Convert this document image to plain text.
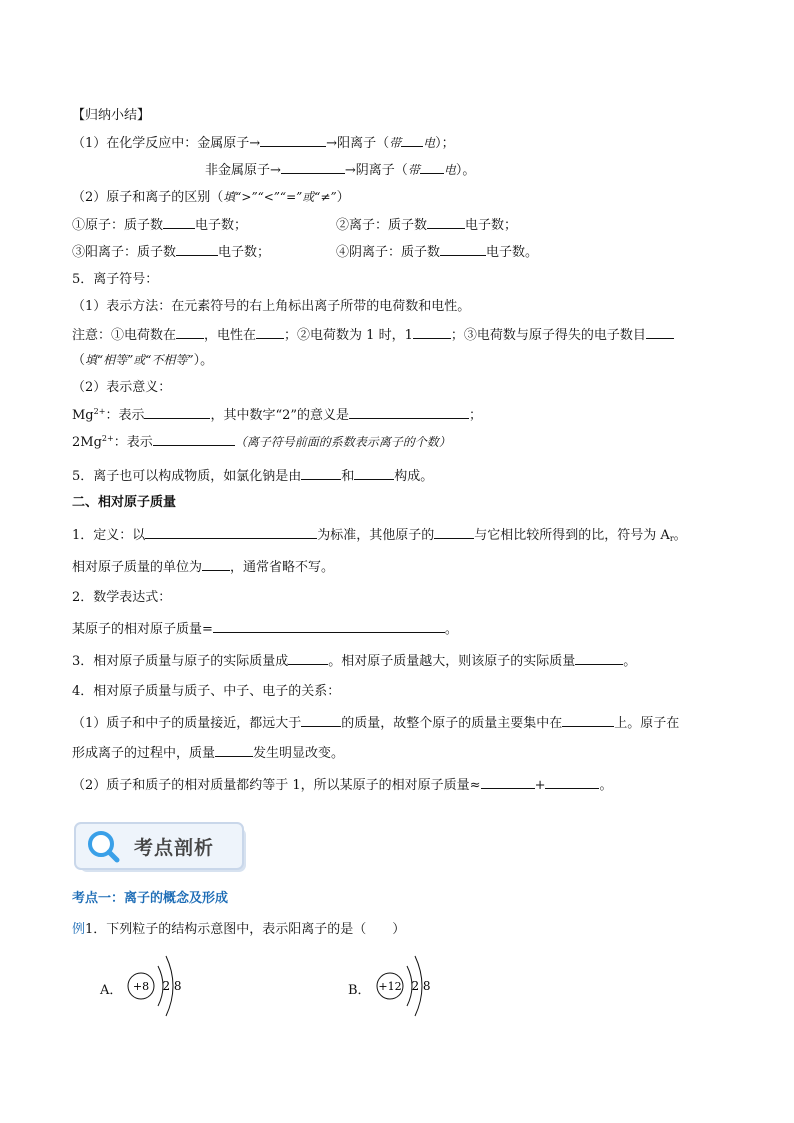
【归纳小结】
（1）在化学反应中：金属原子→	→阳离子（带 电）；
非金属原子→	→阴离子（带 电）。
（2）原子和离子的区别（填“>”“<”“=”或“≠”）
①原子：质子数 电子数；	②离子：质子数	电子数；
③阳离子：质子数	电子数；	④阴离子：质子数	电子数。
5．离子符号：
（1）表示方法：在元素符号的右上角标出离子所带的电荷数和电性。
注意：①电荷数在 ，电性在 ；②电荷数为 1 时，1	；③电荷数与原子得失的电子数目
（填“相等”或“不相等”）。
（2）表示意义：
$Mg^{2+}$：表示	，其中数字“2”的意义是	；
$2Mg^{2+}$：表示	（离子符号前面的系数表示离子的个数）
5．离子也可以构成物质，如氯化钠是由	和	构成。
二、相对原子质量
1．定义：以	为标准，其他原子的	与它相比较所得到的比，符号为 $A_r$。
相对原子质量的单位为 ，通常省略不写。
2．数学表达式：
某原子的相对原子质量=	。
3．相对原子质量与原子的实际质量成	。相对原子质量越大，则该原子的实际质量	。
4．相对原子质量与质子、中子、电子的关系：
（1）质子和中子的质量接近，都远大于	的质量，故整个原子的质量主要集中在	上。原子在
形成离子的过程中，质量	发生明显改变。
（2）质子和质子的相对质量都约等于 1，所以某原子的相对原子质量≈	+	。
考点剖析
考点一：离子的概念及形成
例1．下列粒子的结构示意图中，表示阳离子的是（　　）
A． +8 2 8	B． +12 2 8
